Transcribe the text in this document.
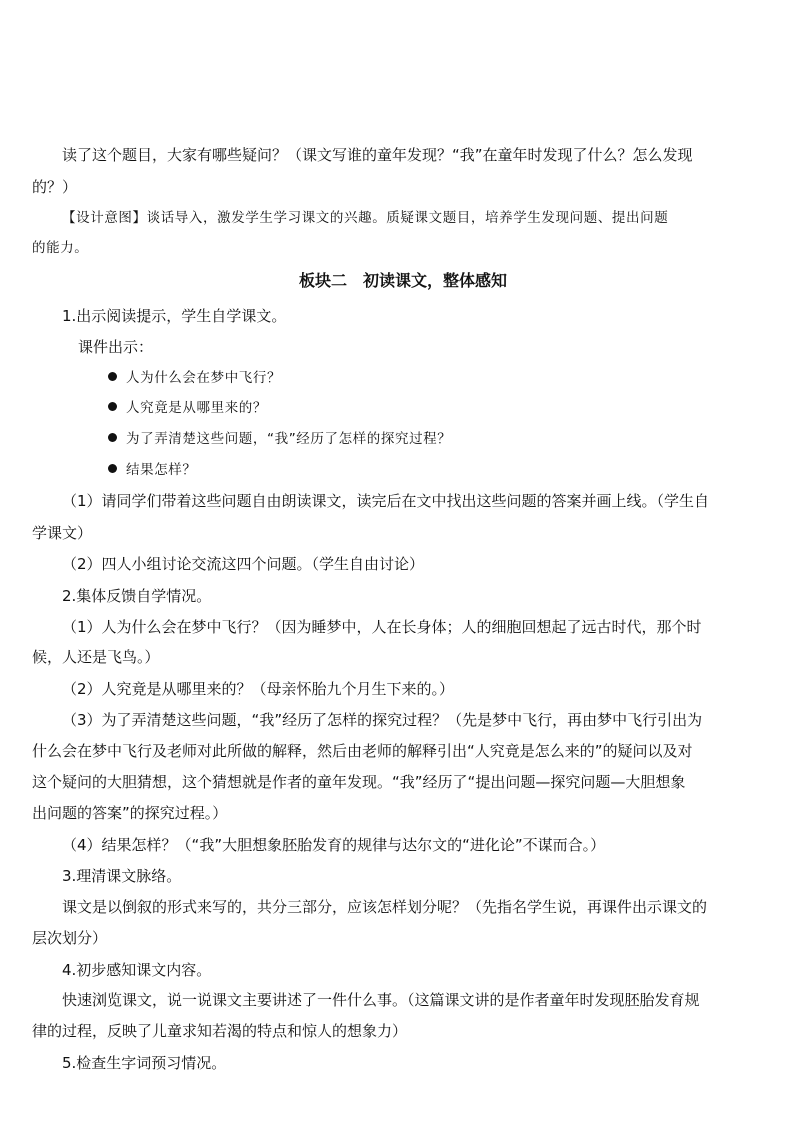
读了这个题目，大家有哪些疑问？（课文写谁的童年发现？“我”在童年时发现了什么？怎么发现
的？）
【设计意图】谈话导入，激发学生学习课文的兴趣。质疑课文题目，培养学生发现问题、提出问题
的能力。
板块二　初读课文，整体感知
1.出示阅读提示，学生自学课文。
课件出示：
人为什么会在梦中飞行？
人究竟是从哪里来的？
为了弄清楚这些问题，“我”经历了怎样的探究过程？
结果怎样？
（1）请同学们带着这些问题自由朗读课文，读完后在文中找出这些问题的答案并画上线。（学生自
学课文）
（2）四人小组讨论交流这四个问题。（学生自由讨论）
2.集体反馈自学情况。
（1）人为什么会在梦中飞行？（因为睡梦中，人在长身体；人的细胞回想起了远古时代，那个时
候，人还是飞鸟。）
（2）人究竟是从哪里来的？（母亲怀胎九个月生下来的。）
（3）为了弄清楚这些问题，“我”经历了怎样的探究过程？（先是梦中飞行，再由梦中飞行引出为
什么会在梦中飞行及老师对此所做的解释，然后由老师的解释引出“人究竟是怎么来的”的疑问以及对
这个疑问的大胆猜想，这个猜想就是作者的童年发现。“我”经历了“提出问题—探究问题—大胆想象
出问题的答案”的探究过程。）
（4）结果怎样？（“我”大胆想象胚胎发育的规律与达尔文的“进化论”不谋而合。）
3.理清课文脉络。
课文是以倒叙的形式来写的，共分三部分，应该怎样划分呢？（先指名学生说，再课件出示课文的
层次划分）
4.初步感知课文内容。
快速浏览课文，说一说课文主要讲述了一件什么事。（这篇课文讲的是作者童年时发现胚胎发育规
律的过程，反映了儿童求知若渴的特点和惊人的想象力）
5.检查生字词预习情况。
